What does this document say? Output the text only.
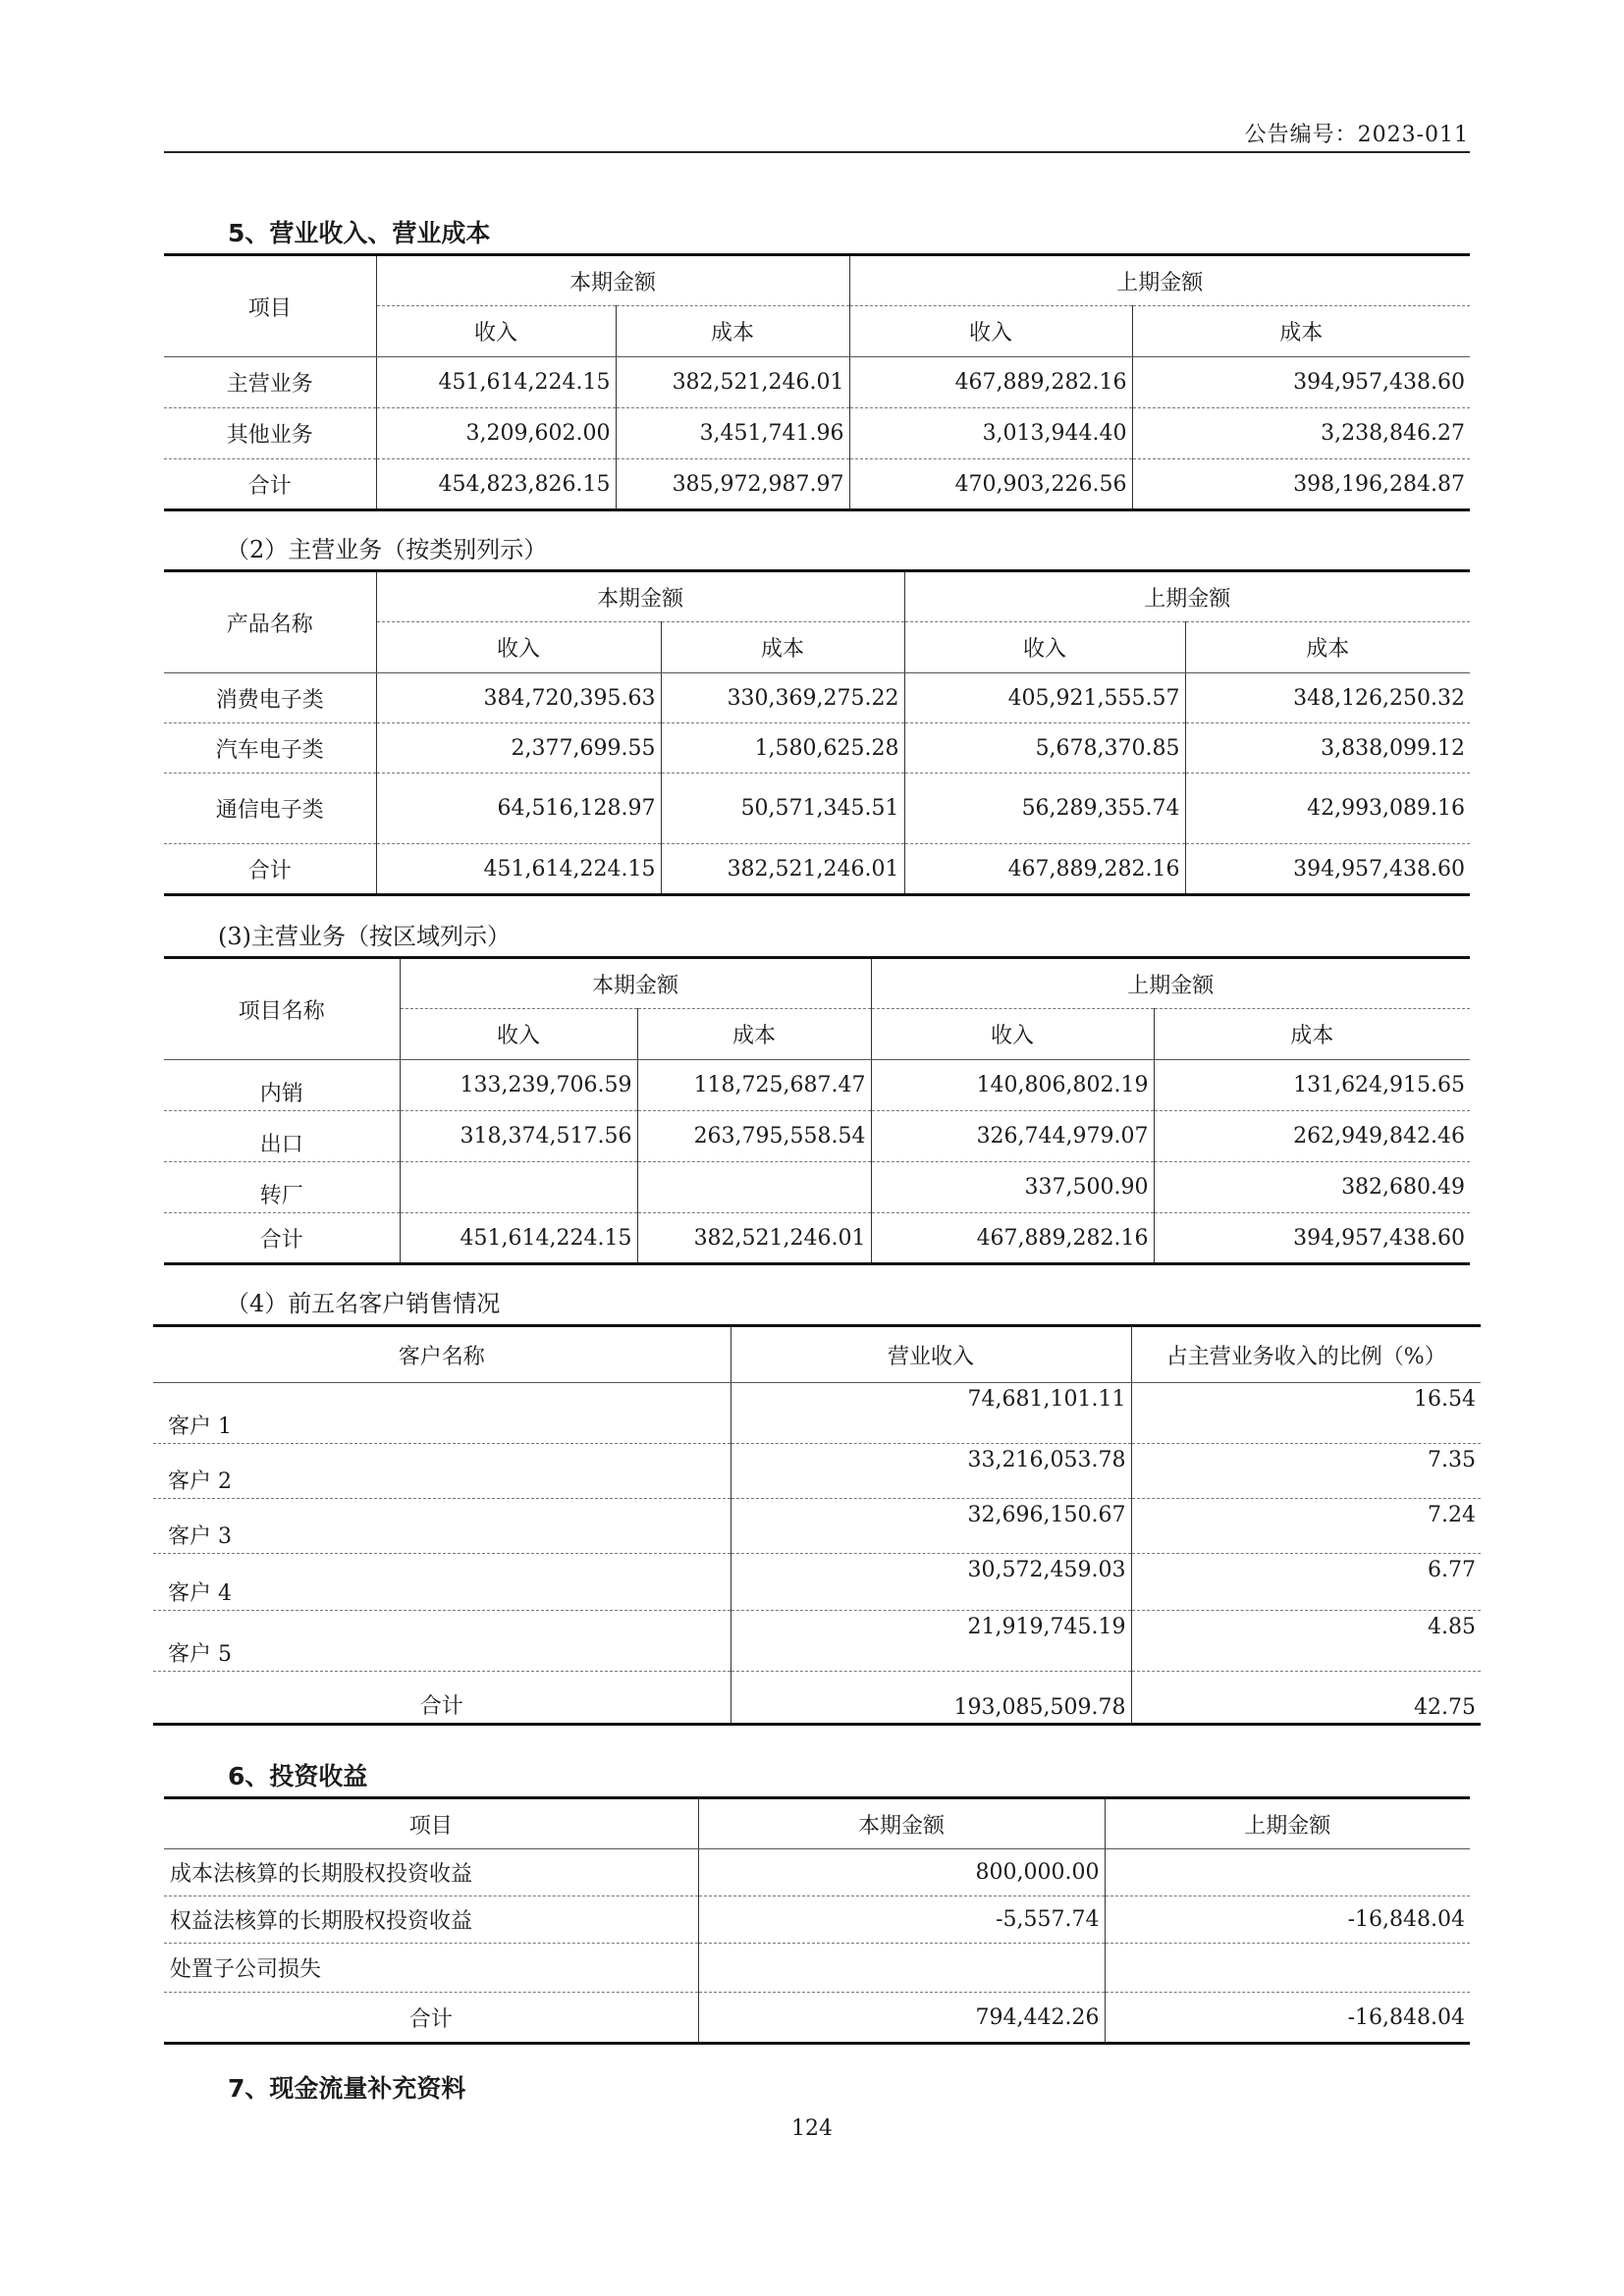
公告编号：2023-011
5、营业收入、营业成本
项目	本期金额		上期金额	
	收入	成本	收入	成本
主营业务	451,614,224.15	382,521,246.01	467,889,282.16	394,957,438.60
其他业务	3,209,602.00	3,451,741.96	3,013,944.40	3,238,846.27
合计	454,823,826.15	385,972,987.97	470,903,226.56	398,196,284.87
（2）主营业务（按类别列示）
产品名称	本期金额		上期金额	
	收入	成本	收入	成本
消费电子类	384,720,395.63	330,369,275.22	405,921,555.57	348,126,250.32
汽车电子类	2,377,699.55	1,580,625.28	5,678,370.85	3,838,099.12
通信电子类	64,516,128.97	50,571,345.51	56,289,355.74	42,993,089.16
合计	451,614,224.15	382,521,246.01	467,889,282.16	394,957,438.60
(3)主营业务（按区域列示）
项目名称	本期金额		上期金额	
	收入	成本	收入	成本
内销	133,239,706.59	118,725,687.47	140,806,802.19	131,624,915.65
出口	318,374,517.56	263,795,558.54	326,744,979.07	262,949,842.46
转厂			337,500.90	382,680.49
合计	451,614,224.15	382,521,246.01	467,889,282.16	394,957,438.60
（4）前五名客户销售情况
客户名称	营业收入	占主营业务收入的比例（%）
客户 1	74,681,101.11	16.54
客户 2	33,216,053.78	7.35
客户 3	32,696,150.67	7.24
客户 4	30,572,459.03	6.77
客户 5	21,919,745.19	4.85
合计	193,085,509.78	42.75
6、投资收益
项目	本期金额	上期金额
成本法核算的长期股权投资收益	800,000.00	
权益法核算的长期股权投资收益	-5,557.74	-16,848.04
处置子公司损失		
合计	794,442.26	-16,848.04
7、现金流量补充资料
124
